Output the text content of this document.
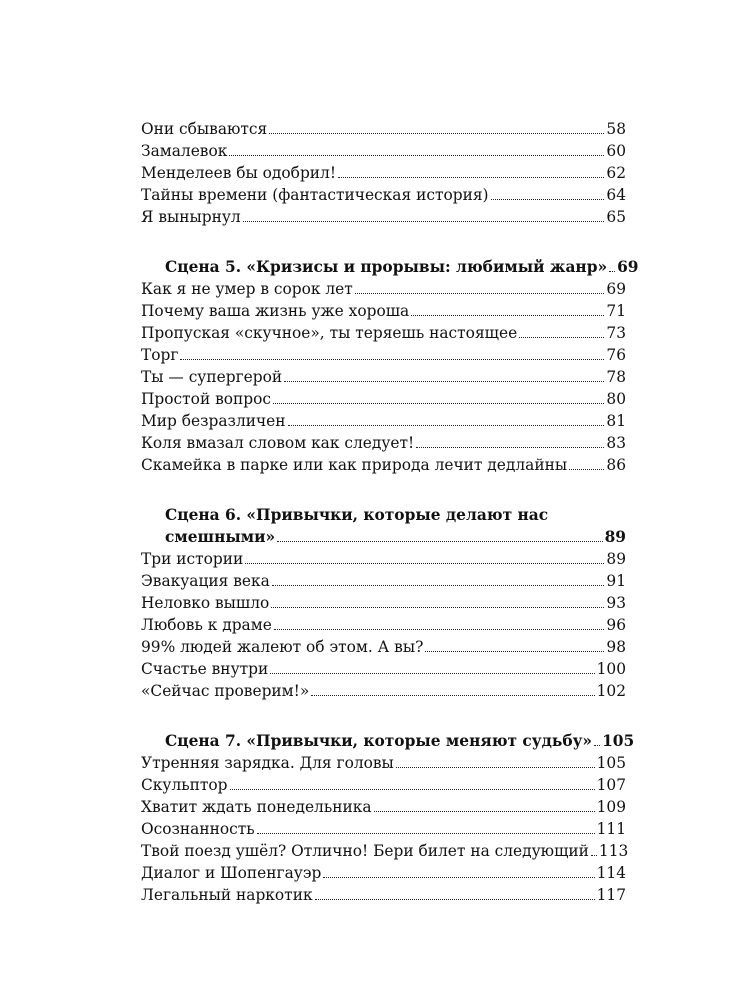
Они сбываются	58
Замалевок	60
Менделеев бы одобрил!	62
Тайны времени (фантастическая история)	64
Я вынырнул	65
Сцена 5. «Кризисы и прорывы: любимый жанр» 69
Как я не умер в сорок лет	69
Почему ваша жизнь уже хороша	71
Пропуская «скучное», ты теряешь настоящее	73
Торг	76
Ты — супергерой	78
Простой вопрос	80
Мир безразличен	81
Коля вмазал словом как следует!	83
Скамейка в парке или как природа лечит дедлайны	86
Сцена 6. «Привычки, которые делают нас
смешными»	89
Три истории	89
Эвакуация века	91
Неловко вышло	93
Любовь к драме	96
99% людей жалеют об этом. А вы?	98
Счастье внутри	100
«Сейчас проверим!»	102
Сцена 7. «Привычки, которые меняют судьбу» 105
Утренняя зарядка. Для головы	105
Скульптор	107
Хватит ждать понедельника	109
Осознанность	111
Твой поезд ушёл? Отлично! Бери билет на следующий 113
Диалог и Шопенгауэр	114
Легальный наркотик	117
